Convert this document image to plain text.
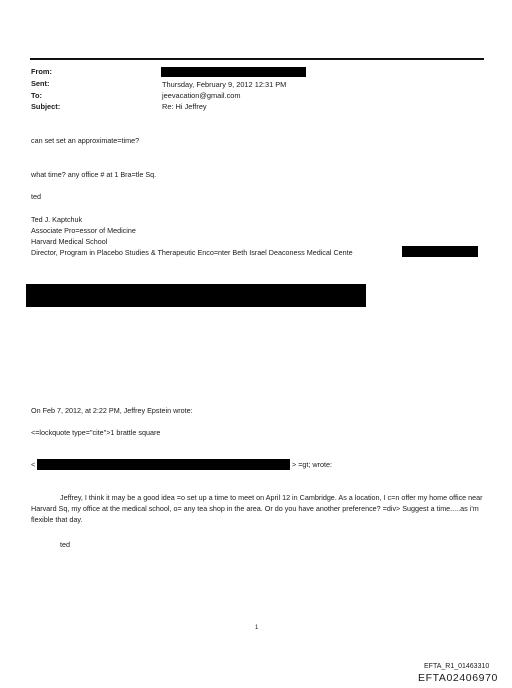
From:
Sent:
To:
Subject:
Thursday, February 9, 2012 12:31 PM
jeevacation@gmail.com
Re: Hi Jeffrey
can set set an approximate=time?
what time? any office # at 1 Bra=tle Sq.
ted
Ted J. Kaptchuk
Associate Pro=essor of Medicine
Harvard Medical School
Director, Program in Placebo Studies & Therapeutic Enco=nter Beth Israel Deaconess Medical Cente
On Feb 7, 2012, at 2:22 PM, Jeffrey Epstein wrote:
<=lockquote type="cite">1 brattle square
<	> =gt; wrote:
Jeffrey, I think it may be a good idea =o set up a time to meet on April 12 in Cambridge. As a location, I c=n offer my home office near Harvard Sq, my office at the medical school, o= any tea shop in the area. Or do you have another preference? =div> Suggest a time.....as i'm flexible that day.
ted
1
EFTA_R1_01463310
EFTA02406970
